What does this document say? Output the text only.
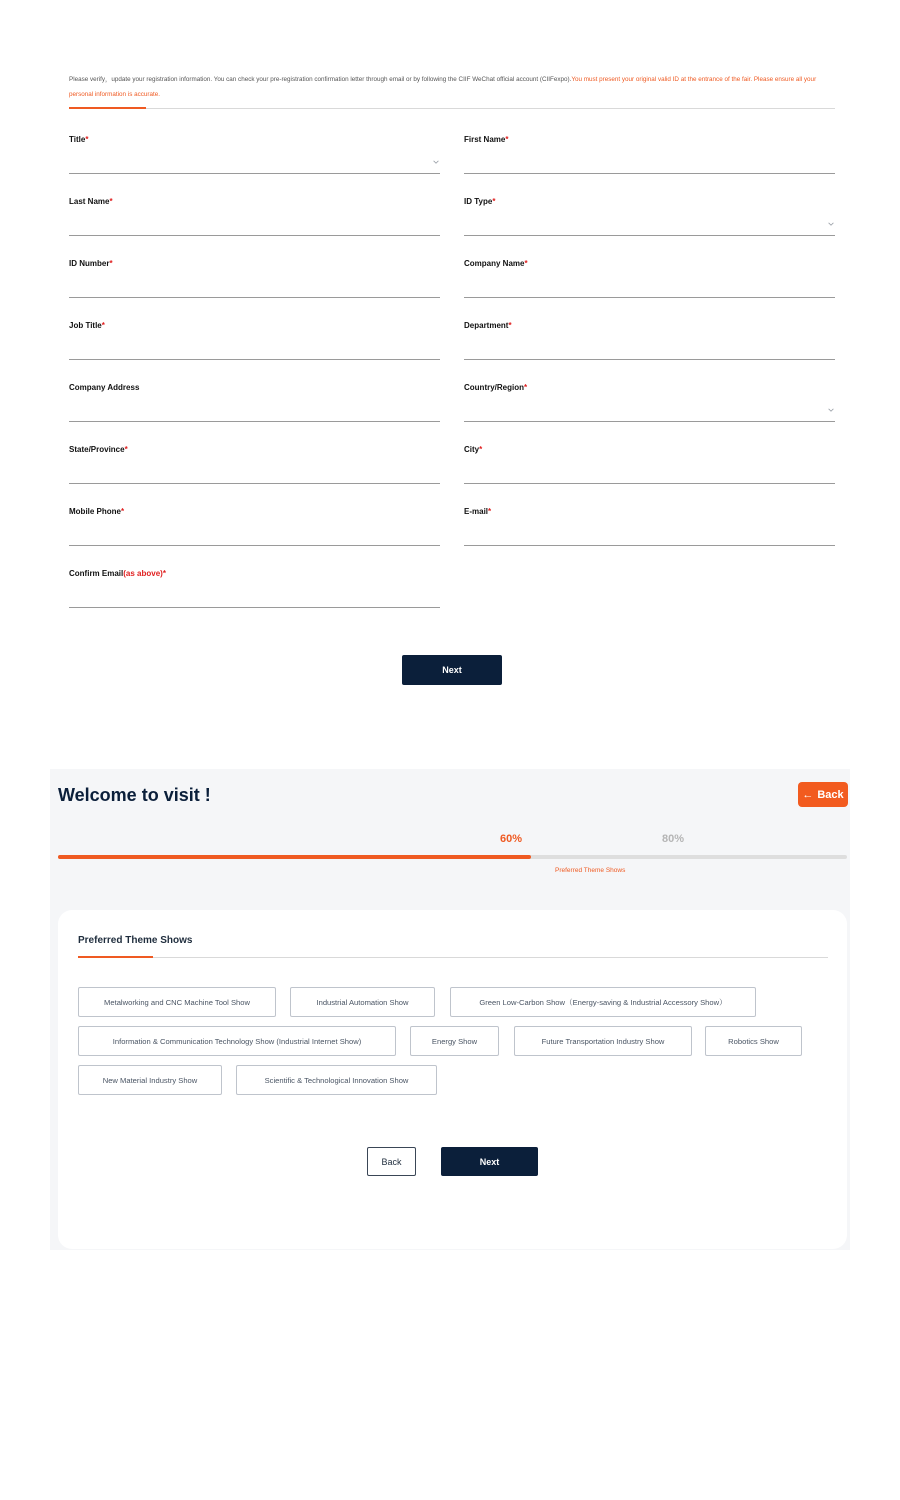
Please verify，update your registration information. You can check your pre-registration confirmation letter through email or by following the CIIF WeChat official account (CIIFexpo).You must present your original valid ID at the entrance of the fair. Please ensure all your personal information is accurate.

Title*	First Name*
Last Name*	ID Type*
ID Number*	Company Name*
Job Title*	Department*
Company Address	Country/Region*
State/Province*	City*
Mobile Phone*	E-mail*
Confirm Email(as above)*
Next
Welcome to visit !	← Back
60%	80%
Preferred Theme Shows
Preferred Theme Shows
Metalworking and CNC Machine Tool Show	Industrial Automation Show	Green Low-Carbon Show（Energy-saving & Industrial Accessory Show）
Information & Communication Technology Show (Industrial Internet Show)	Energy Show	Future Transportation Industry Show	Robotics Show
New Material Industry Show	Scientific & Technological Innovation Show
Back	Next
